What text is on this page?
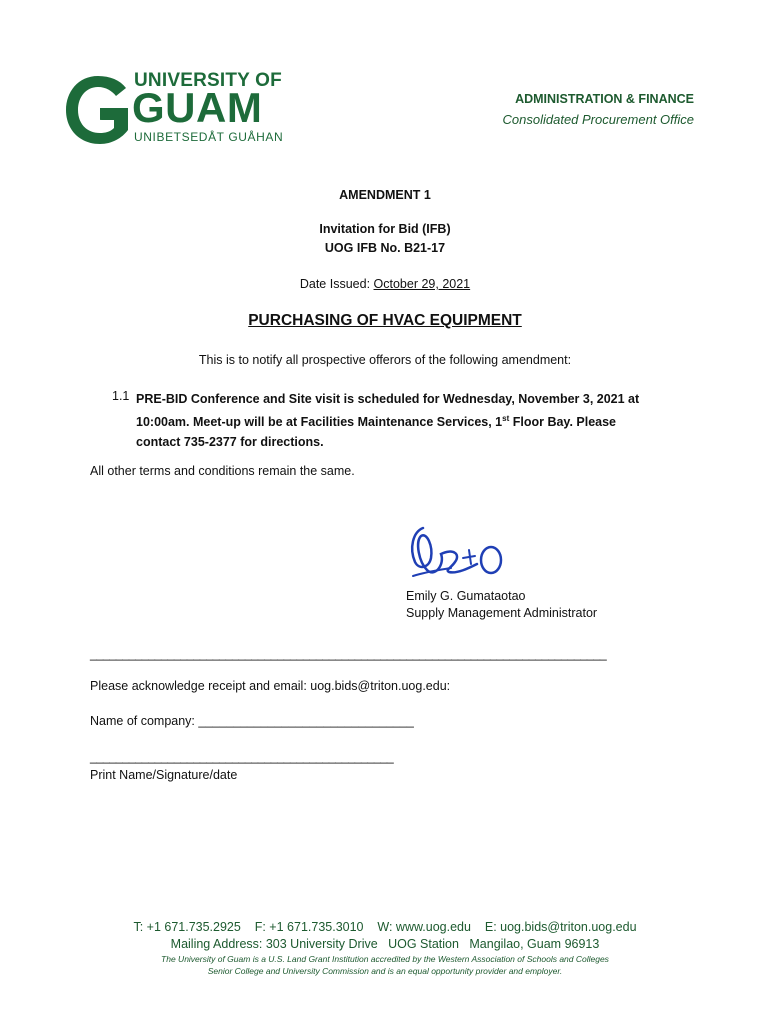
UNIVERSITY OF
GUAM
UNIBETSEDÅT GUÅHAN
ADMINISTRATION & FINANCE
Consolidated Procurement Office
AMENDMENT 1
Invitation for Bid (IFB)
UOG IFB No. B21-17
Date Issued: October 29, 2021
PURCHASING OF HVAC EQUIPMENT
This is to notify all prospective offerors of the following amendment:
1.1 PRE-BID Conference and Site visit is scheduled for Wednesday, November 3, 2021 at 10:00am. Meet-up will be at Facilities Maintenance Services, 1st Floor Bay. Please contact 735-2377 for directions.
All other terms and conditions remain the same.
Emily G. Gumataotao
Supply Management Administrator
________________________________________________________________________________
Please acknowledge receipt and email: uog.bids@triton.uog.edu:
Name of company: _______________________________
_______________________________________________
Print Name/Signature/date
T: +1 671.735.2925    F: +1 671.735.3010    W: www.uog.edu    E: uog.bids@triton.uog.edu
Mailing Address: 303 University Drive   UOG Station   Mangilao, Guam 96913
The University of Guam is a U.S. Land Grant Institution accredited by the Western Association of Schools and Colleges
Senior College and University Commission and is an equal opportunity provider and employer.
